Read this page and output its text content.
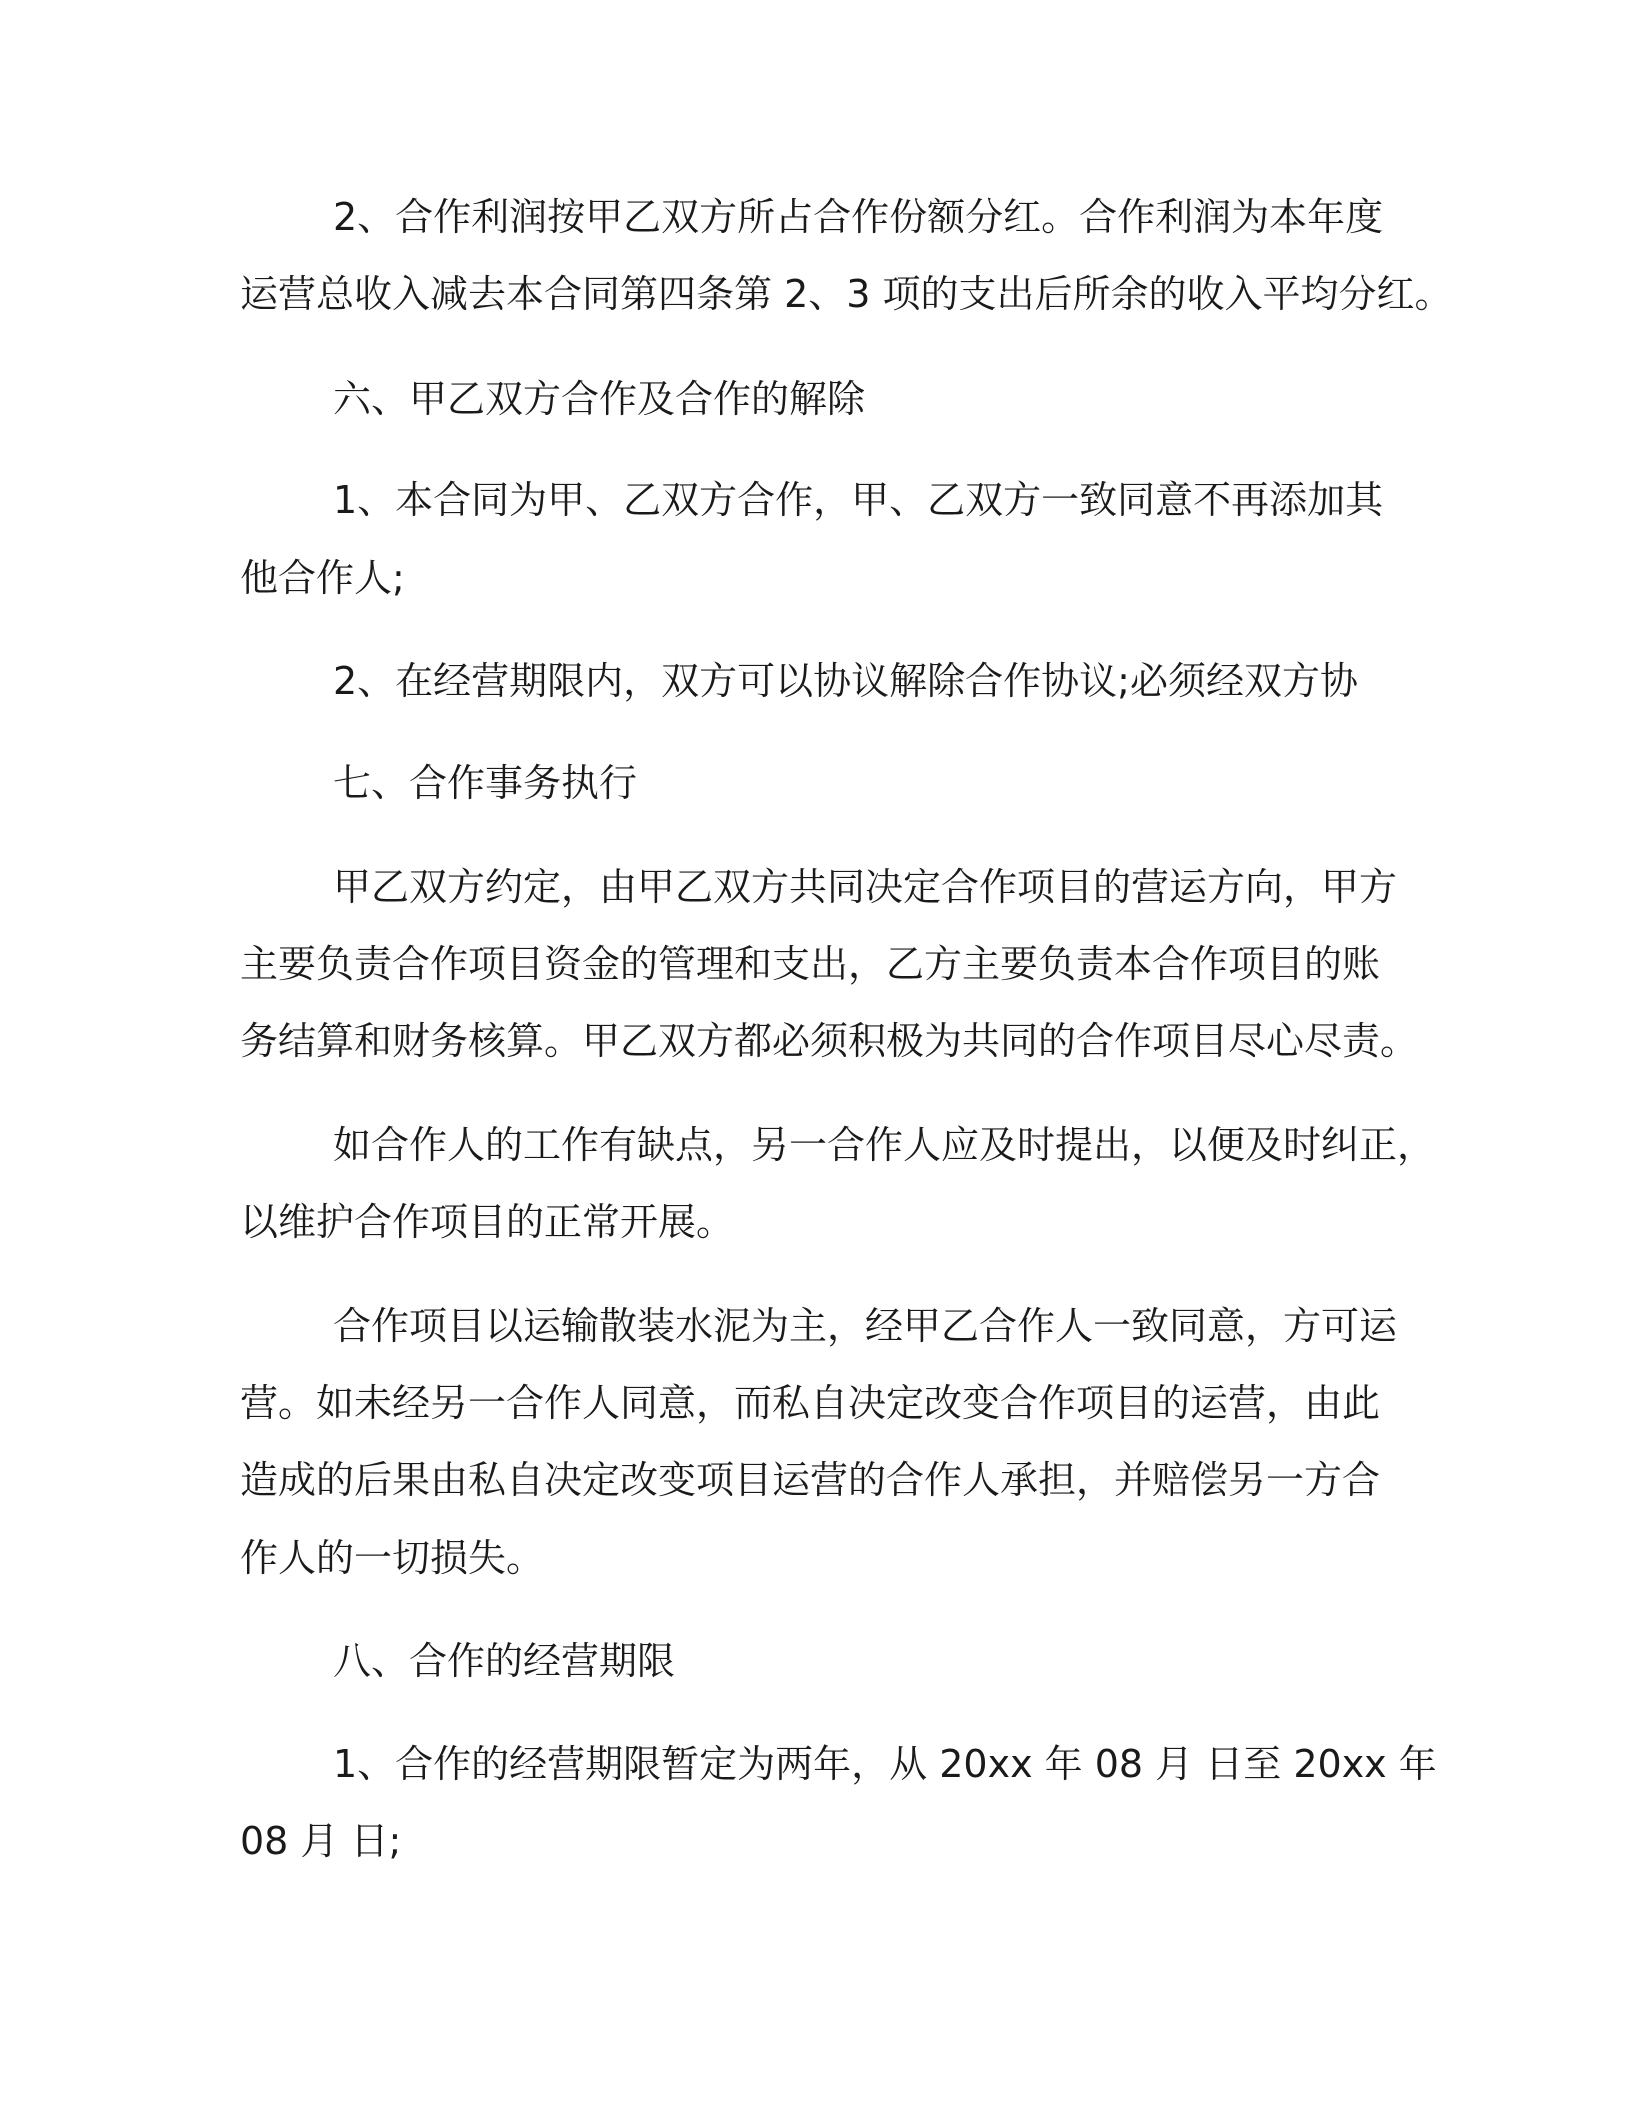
2、合作利润按甲乙双方所占合作份额分红。合作利润为本年度
运营总收入减去本合同第四条第 2、3 项的支出后所余的收入平均分红。
六、甲乙双方合作及合作的解除
1、本合同为甲、乙双方合作，甲、乙双方一致同意不再添加其
他合作人;
2、在经营期限内，双方可以协议解除合作协议;必须经双方协
七、合作事务执行
甲乙双方约定，由甲乙双方共同决定合作项目的营运方向，甲方
主要负责合作项目资金的管理和支出，乙方主要负责本合作项目的账
务结算和财务核算。甲乙双方都必须积极为共同的合作项目尽心尽责。
如合作人的工作有缺点，另一合作人应及时提出，以便及时纠正，
以维护合作项目的正常开展。
合作项目以运输散装水泥为主，经甲乙合作人一致同意，方可运
营。如未经另一合作人同意，而私自决定改变合作项目的运营，由此
造成的后果由私自决定改变项目运营的合作人承担，并赔偿另一方合
作人的一切损失。
八、合作的经营期限
1、合作的经营期限暂定为两年，从 20xx 年 08 月 日至 20xx 年
08 月 日;
